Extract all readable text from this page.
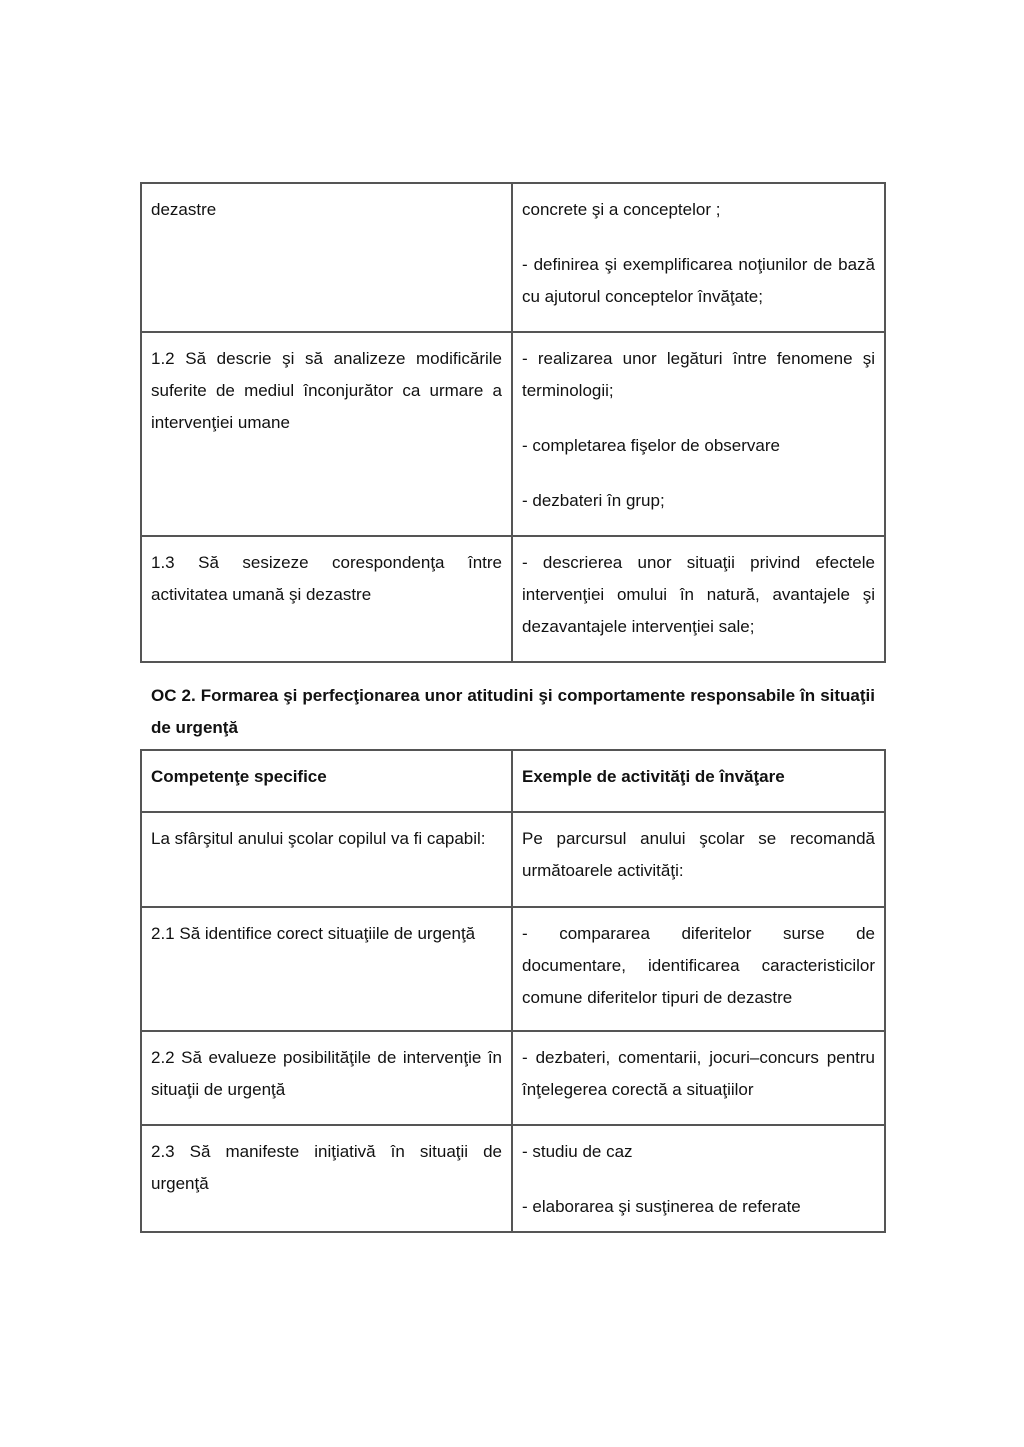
dezastre	concrete şi a conceptelor ;

- definirea şi exemplificarea noţiunilor de bază cu ajutorul conceptelor învăţate;

1.2 Să descrie şi să analizeze modificările suferite de mediul înconjurător ca urmare a intervenţiei umane	- realizarea unor legături între fenomene şi terminologii;

- completarea fişelor de observare

- dezbateri în grup;

1.3 Să sesizeze corespondenţa între activitatea umană şi dezastre	- descrierea unor situaţii privind efectele intervenţiei omului în natură, avantajele şi dezavantajele intervenţiei sale;

OC 2. Formarea şi perfecţionarea unor atitudini şi comportamente responsabile în situaţii de urgenţă

Competenţe specifice	Exemple de activităţi de învăţare

La sfârşitul anului şcolar copilul va fi capabil:	Pe parcursul anului şcolar se recomandă următoarele activităţi:

2.1 Să identifice corect situaţiile de urgenţă	- compararea diferitelor surse de documentare, identificarea caracteristicilor comune diferitelor tipuri de dezastre

2.2 Să evalueze posibilităţile de intervenţie în situaţii de urgenţă	- dezbateri, comentarii, jocuri–concurs pentru înţelegerea corectă a situaţiilor

2.3 Să manifeste iniţiativă în situaţii de urgenţă	- studiu de caz

- elaborarea şi susţinerea de referate
